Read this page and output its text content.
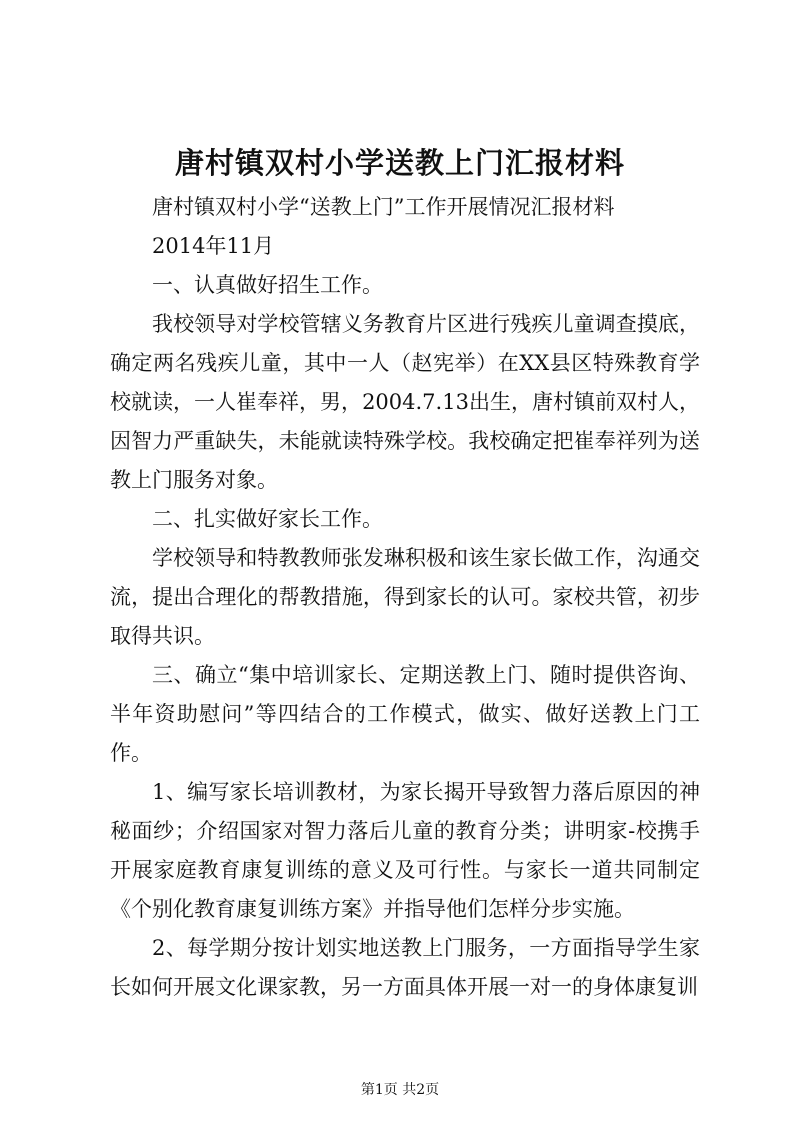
唐村镇双村小学送教上门汇报材料

唐村镇双村小学“送教上门”工作开展情况汇报材料

2014年11月

一、认真做好招生工作。

我校领导对学校管辖义务教育片区进行残疾儿童调查摸底，确定两名残疾儿童，其中一人（赵宪举）在XX县区特殊教育学校就读，一人崔奉祥，男，2004.7.13出生，唐村镇前双村人，因智力严重缺失，未能就读特殊学校。我校确定把崔奉祥列为送教上门服务对象。

二、扎实做好家长工作。

学校领导和特教教师张发琳积极和该生家长做工作，沟通交流，提出合理化的帮教措施，得到家长的认可。家校共管，初步取得共识。

三、确立“集中培训家长、定期送教上门、随时提供咨询、半年资助慰问”等四结合的工作模式，做实、做好送教上门工作。

1、编写家长培训教材，为家长揭开导致智力落后原因的神秘面纱；介绍国家对智力落后儿童的教育分类；讲明家-校携手开展家庭教育康复训练的意义及可行性。与家长一道共同制定《个别化教育康复训练方案》并指导他们怎样分步实施。

2、每学期分按计划实地送教上门服务，一方面指导学生家长如何开展文化课家教，另一方面具体开展一对一的身体康复训

第1页 共2页
